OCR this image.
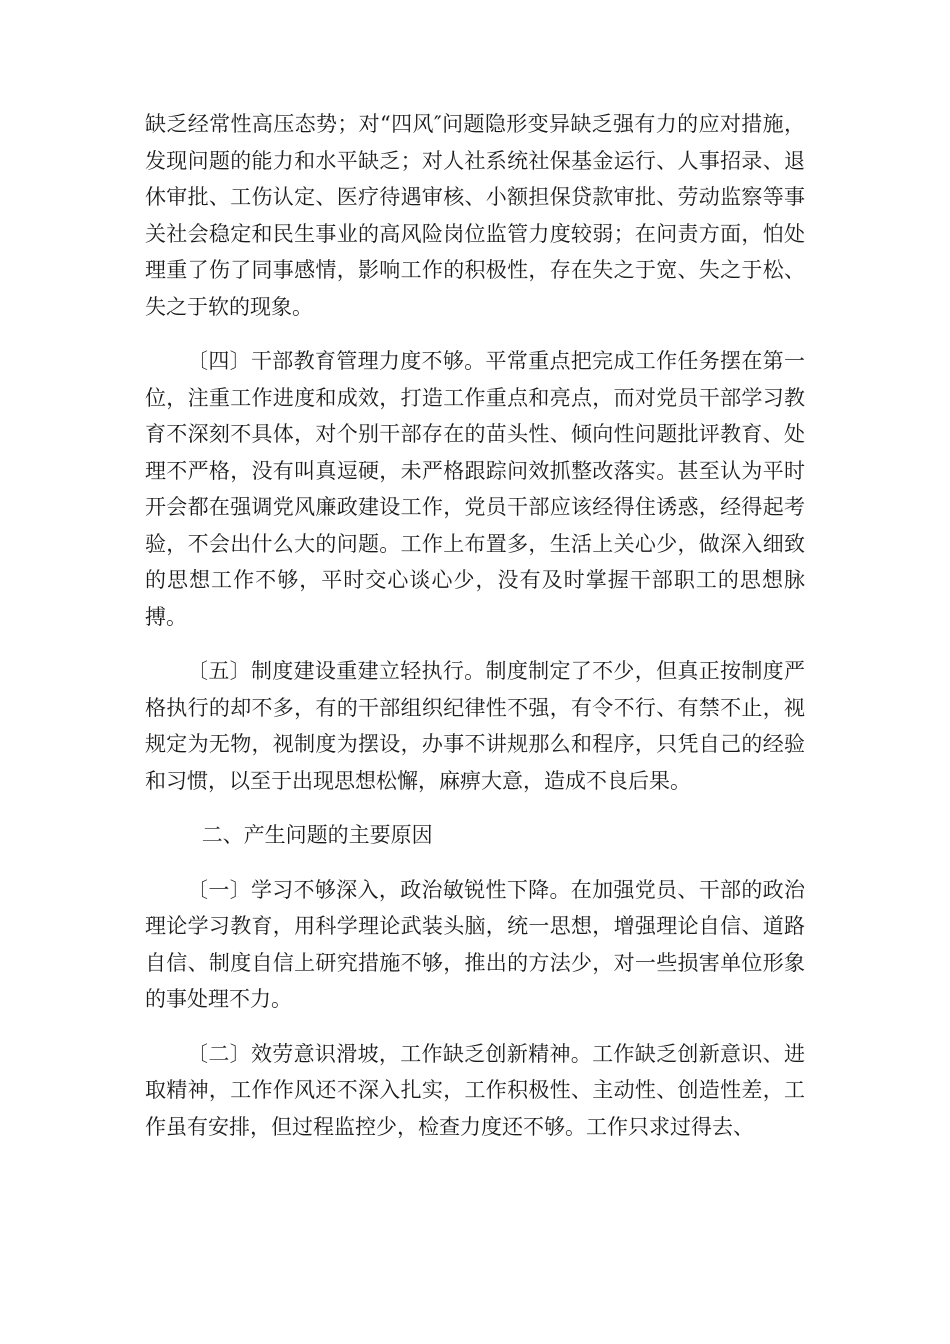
缺乏经常性高压态势；对“四风″问题隐形变异缺乏强有力的应对措施，发现问题的能力和水平缺乏；对人社系统社保基金运行、人事招录、退休审批、工伤认定、医疗待遇审核、小额担保贷款审批、劳动监察等事关社会稳定和民生事业的高风险岗位监管力度较弱；在问责方面，怕处理重了伤了同事感情，影响工作的积极性，存在失之于宽、失之于松、失之于软的现象。

〔四〕干部教育管理力度不够。平常重点把完成工作任务摆在第一位，注重工作进度和成效，打造工作重点和亮点，而对党员干部学习教育不深刻不具体，对个别干部存在的苗头性、倾向性问题批评教育、处理不严格，没有叫真逗硬，未严格跟踪问效抓整改落实。甚至认为平时开会都在强调党风廉政建设工作，党员干部应该经得住诱惑，经得起考验，不会出什么大的问题。工作上布置多，生活上关心少，做深入细致的思想工作不够，平时交心谈心少，没有及时掌握干部职工的思想脉搏。

〔五〕制度建设重建立轻执行。制度制定了不少，但真正按制度严格执行的却不多，有的干部组织纪律性不强，有令不行、有禁不止，视规定为无物，视制度为摆设，办事不讲规那么和程序，只凭自己的经验和习惯，以至于出现思想松懈，麻痹大意，造成不良后果。

二、产生问题的主要原因

〔一〕学习不够深入，政治敏锐性下降。在加强党员、干部的政治理论学习教育，用科学理论武装头脑，统一思想，增强理论自信、道路自信、制度自信上研究措施不够，推出的方法少，对一些损害单位形象的事处理不力。

〔二〕效劳意识滑坡，工作缺乏创新精神。工作缺乏创新意识、进取精神，工作作风还不深入扎实，工作积极性、主动性、创造性差，工作虽有安排，但过程监控少，检查力度还不够。工作只求过得去、
